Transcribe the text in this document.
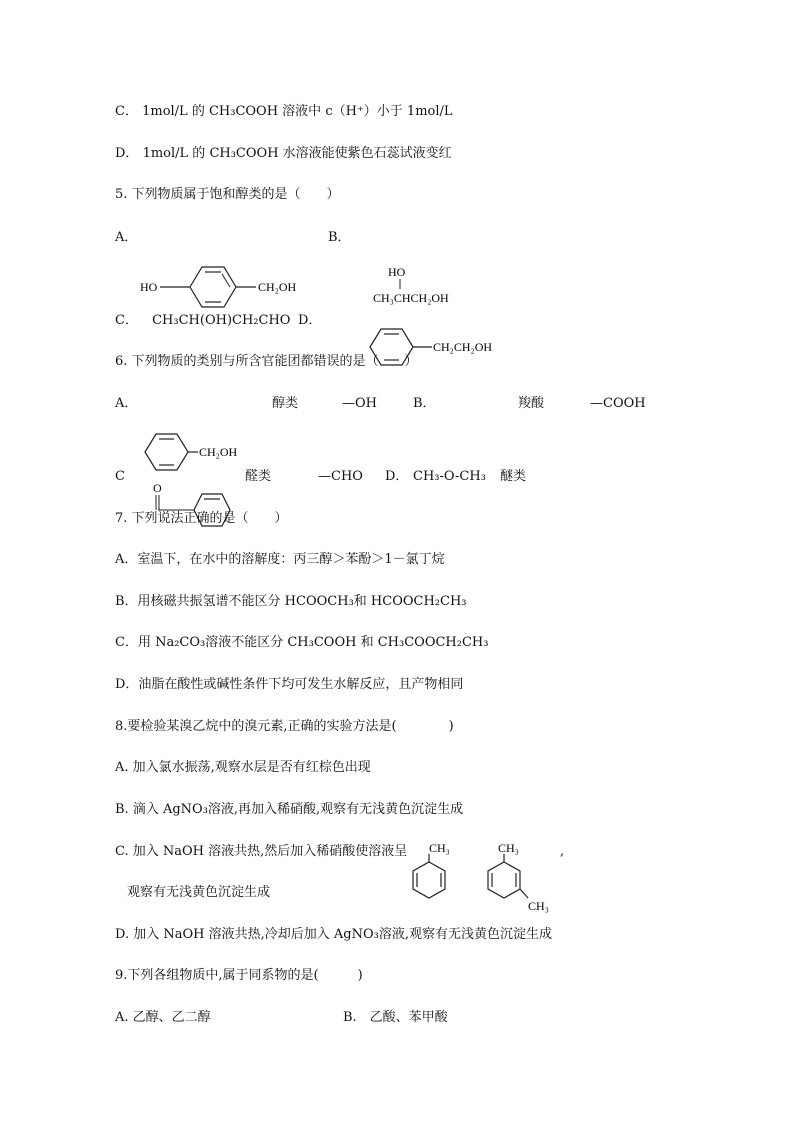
C． 1mol/L 的 CH₃COOH 溶液中 c（H⁺）小于 1mol/L
D． 1mol/L 的 CH₃COOH 水溶液能使紫色石蕊试液变红
5. 下列物质属于饱和醇类的是（　　）
A．	B．
HO	CH₂OH
HO
CH₃CHCH₂OH
C． CH₃CH(OH)CH₂CHO D．
CH₂CH₂OH
6. 下列物质的类别与所含官能团都错误的是（　　）
A．	醇类	—OH	B．	羧酸	—COOH
CH₂OH
C	醛类	—CHO D． CH₃-O-CH₃ 醚类
O
7. 下列说法正确的是（　　）
A．室温下，在水中的溶解度：丙三醇＞苯酚＞1－氯丁烷
B．用核磁共振氢谱不能区分 HCOOCH₃和 HCOOCH₂CH₃
C．用 Na₂CO₃溶液不能区分 CH₃COOH 和 CH₃COOCH₂CH₃
D．油脂在酸性或碱性条件下均可发生水解反应，且产物相同
8.要检验某溴乙烷中的溴元素,正确的实验方法是(　　　　)
A. 加入氯水振荡,观察水层是否有红棕色出现
B. 滴入 AgNO₃溶液,再加入稀硝酸,观察有无浅黄色沉淀生成
C. 加入 NaOH 溶液共热,然后加入稀硝酸使溶液呈	,
观察有无浅黄色沉淀生成
CH₃	CH₃
CH₃
D. 加入 NaOH 溶液共热,冷却后加入 AgNO₃溶液,观察有无浅黄色沉淀生成
9.下列各组物质中,属于同系物的是(　　　)
A. 乙醇、乙二醇	B.　乙酸、苯甲酸
